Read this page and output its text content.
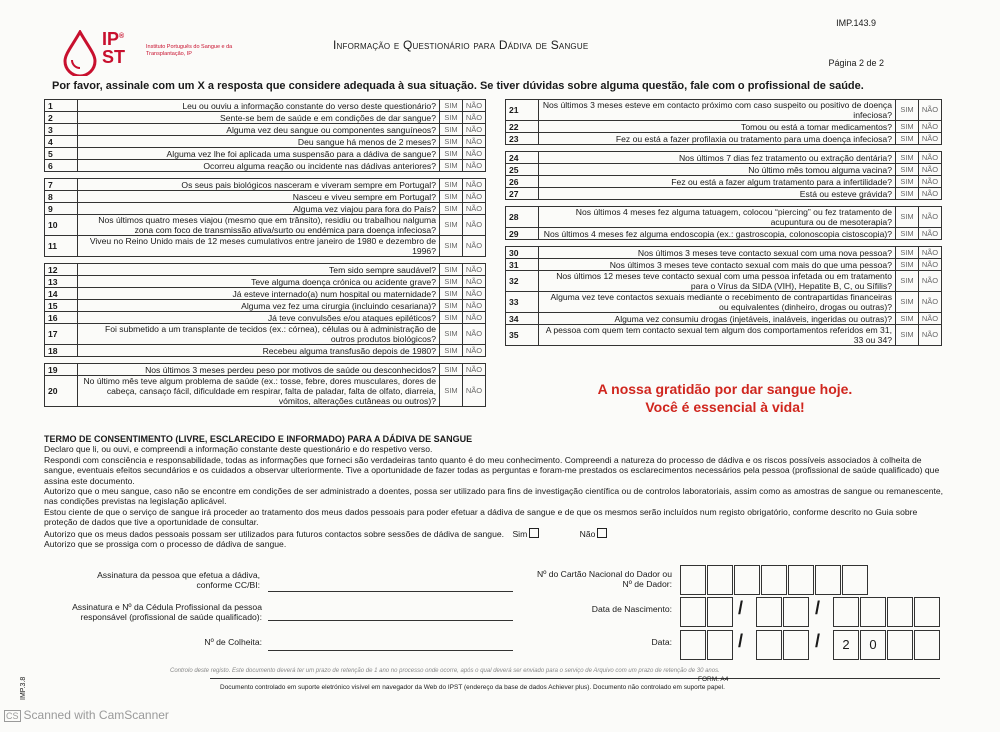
IP®
ST	Instituto Português do Sangue e da Transplantação, IP
IMP.143.9
Informação e Questionário para Dádiva de Sangue
Página 2 de 2
Por favor, assinale com um X a resposta que considere adequada à sua situação. Se tiver dúvidas sobre alguma questão, fale com o profissional de saúde.
1	Leu ou ouviu a informação constante do verso deste questionário?	SIM	NÃO
2	Sente-se bem de saúde e em condições de dar sangue?	SIM	NÃO
3	Alguma vez deu sangue ou componentes sanguíneos?	SIM	NÃO
4	Deu sangue há menos de 2 meses?	SIM	NÃO
5	Alguma vez lhe foi aplicada uma suspensão para a dádiva de sangue?	SIM	NÃO
6	Ocorreu alguma reação ou incidente nas dádivas anteriores?	SIM	NÃO

7	Os seus pais biológicos nasceram e viveram sempre em Portugal?	SIM	NÃO
8	Nasceu e viveu sempre em Portugal?	SIM	NÃO
9	Alguma vez viajou para fora do País?	SIM	NÃO
10	Nos últimos quatro meses viajou (mesmo que em trânsito), residiu ou trabalhou nalguma zona com foco de transmissão ativa/surto ou endémica para doença infeciosa?	SIM	NÃO
11	Viveu no Reino Unido mais de 12 meses cumulativos entre janeiro de 1980 e dezembro de 1996?	SIM	NÃO

12	Tem sido sempre saudável?	SIM	NÃO
13	Teve alguma doença crónica ou acidente grave?	SIM	NÃO
14	Já esteve internado(a) num hospital ou maternidade?	SIM	NÃO
15	Alguma vez fez uma cirurgia (incluindo cesariana)?	SIM	NÃO
16	Já teve convulsões e/ou ataques epiléticos?	SIM	NÃO
17	Foi submetido a um transplante de tecidos (ex.: córnea), células ou à administração de outros produtos biológicos?	SIM	NÃO
18	Recebeu alguma transfusão depois de 1980?	SIM	NÃO

19	Nos últimos 3 meses perdeu peso por motivos de saúde ou desconhecidos?	SIM	NÃO
20	No último mês teve algum problema de saúde (ex.: tosse, febre, dores musculares, dores de cabeça, cansaço fácil, dificuldade em respirar, falta de paladar, falta de olfato, diarreia, vómitos, alterações cutâneas ou outros)?	SIM	NÃO
21	Nos últimos 3 meses esteve em contacto próximo com caso suspeito ou positivo de doença infeciosa?	SIM	NÃO
22	Tomou ou está a tomar medicamentos?	SIM	NÃO
23	Fez ou está a fazer profilaxia ou tratamento para uma doença infeciosa?	SIM	NÃO

24	Nos últimos 7 dias fez tratamento ou extração dentária?	SIM	NÃO
25	No último mês tomou alguma vacina?	SIM	NÃO
26	Fez ou está a fazer algum tratamento para a infertilidade?	SIM	NÃO
27	Está ou esteve grávida?	SIM	NÃO

28	Nos últimos 4 meses fez alguma tatuagem, colocou “piercing” ou fez tratamento de acupuntura ou de mesoterapia?	SIM	NÃO
29	Nos últimos 4 meses fez alguma endoscopia (ex.: gastroscopia, colonoscopia cistoscopia)?	SIM	NÃO

30	Nos últimos 3 meses teve contacto sexual com uma nova pessoa?	SIM	NÃO
31	Nos últimos 3 meses teve contacto sexual com mais do que uma pessoa?	SIM	NÃO
32	Nos últimos 12 meses teve contacto sexual com uma pessoa infetada ou em tratamento para o Vírus da SIDA (VIH), Hepatite B, C, ou Sífilis?	SIM	NÃO
33	Alguma vez teve contactos sexuais mediante o recebimento de contrapartidas financeiras ou equivalentes (dinheiro, drogas ou outras)?	SIM	NÃO
34	Alguma vez consumiu drogas (injetáveis, inaláveis, ingeridas ou outras)?	SIM	NÃO
35	A pessoa com quem tem contacto sexual tem algum dos comportamentos referidos em 31, 33 ou 34?	SIM	NÃO
A nossa gratidão por dar sangue hoje.
Você é essencial à vida!
TERMO DE CONSENTIMENTO (LIVRE, ESCLARECIDO E INFORMADO) PARA A DÁDIVA DE SANGUE
Declaro que li, ou ouvi, e compreendi a informação constante deste questionário e do respetivo verso.
Respondi com consciência e responsabilidade, todas as informações que forneci são verdadeiras tanto quanto é do meu conhecimento. Compreendi a natureza do processo de dádiva e os riscos possíveis associados à colheita de sangue, eventuais efeitos secundários e os cuidados a observar ulteriormente. Tive a oportunidade de fazer todas as perguntas e foram-me prestados os esclarecimentos necessários pela pessoa (profissional de saúde qualificado) que assina este documento.
Autorizo que o meu sangue, caso não se encontre em condições de ser administrado a doentes, possa ser utilizado para fins de investigação científica ou de controlos laboratoriais, assim como as amostras de sangue ou remanescente, nas condições previstas na legislação aplicável.
Estou ciente de que o serviço de sangue irá proceder ao tratamento dos meus dados pessoais para poder efetuar a dádiva de sangue e de que os mesmos serão incluídos num registo obrigatório, conforme descrito no Guia sobre proteção de dados que tive a oportunidade de consultar.
Autorizo que os meus dados pessoais possam ser utilizados para futuros contactos sobre sessões de dádiva de sangue. Sim	Não
Autorizo que se prossiga com o processo de dádiva de sangue.
Assinatura da pessoa que efetua a dádiva, conforme CC/BI:
Assinatura e Nº da Cédula Profissional da pessoa responsável (profissional de saúde qualificado):
Nº de Colheita:
Nº do Cartão Nacional do Dador ou Nº de Dador:
Data de Nascimento:	/	/
Data:	/	/	2	0
Controlo deste registo. Este documento deverá ter um prazo de retenção de 1 ano no processo onde ocorre, após o qual deverá ser enviado para o serviço de Arquivo com um prazo de retenção de 30 anos.
FORM. A4
Documento controlado em suporte eletrónico visível em navegador da Web do IPST (endereço da base de dados Achiever plus). Documento não controlado em suporte papel.
IMP.3.8
CS Scanned with CamScanner
